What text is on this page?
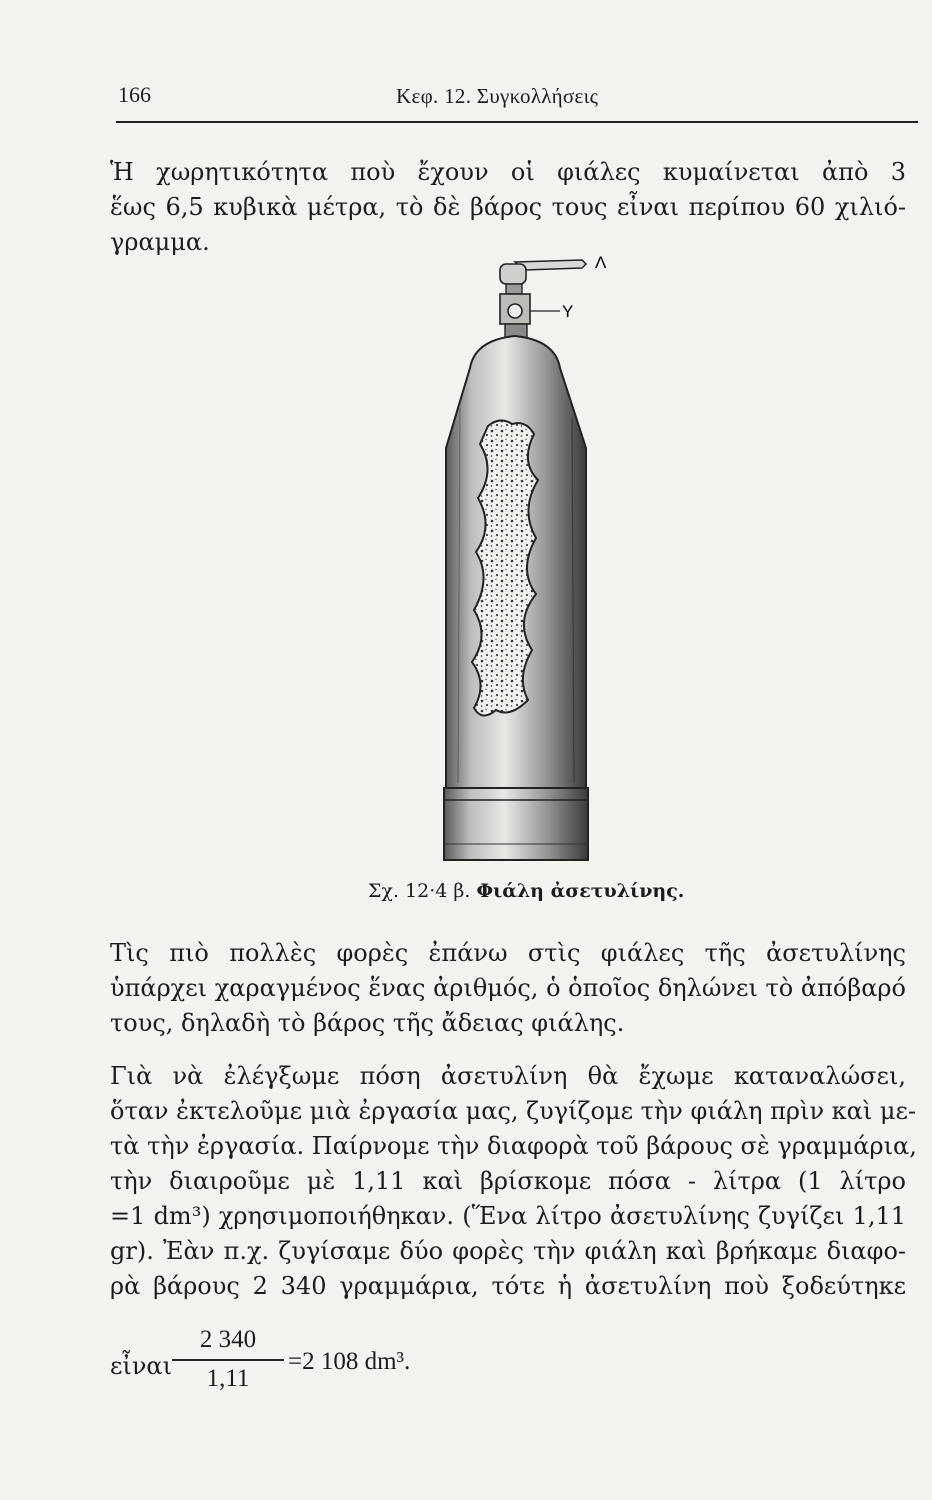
166	Κεφ. 12. Συγκολλήσεις

Ἡ χωρητικότητα ποὺ ἔχουν οἱ φιάλες κυμαίνεται ἀπὸ 3
ἕως 6,5 κυβικὰ μέτρα, τὸ δὲ βάρος τους εἶναι περίπου 60 χιλιό-
γραμμα.

Λ
Υ
Σχ. 12·4 β. Φιάλη ἀσετυλίνης.

Τὶς πιὸ πολλὲς φορὲς ἐπάνω στὶς φιάλες τῆς ἀσετυλίνης
ὑπάρχει χαραγμένος ἕνας ἀριθμός, ὁ ὁποῖος δηλώνει τὸ ἀπόβαρό
τους, δηλαδὴ τὸ βάρος τῆς ἄδειας φιάλης.

Γιὰ νὰ ἐλέγξωμε πόση ἀσετυλίνη θὰ ἔχωμε καταναλώσει,
ὅταν ἐκτελοῦμε μιὰ ἐργασία μας, ζυγίζομε τὴν φιάλη πρὶν καὶ με-
τὰ τὴν ἐργασία. Παίρνομε τὴν διαφορὰ τοῦ βάρους σὲ γραμμάρια,
τὴν διαιροῦμε μὲ 1,11 καὶ βρίσκομε πόσα - λίτρα (1 λίτρο
=1 dm³) χρησιμοποιήθηκαν. (Ἕνα λίτρο ἀσετυλίνης ζυγίζει 1,11
gr). Ἐὰν π.χ. ζυγίσαμε δύο φορὲς τὴν φιάλη καὶ βρήκαμε διαφο-
ρὰ βάρους 2 340 γραμμάρια, τότε ἡ ἀσετυλίνη ποὺ ξοδεύτηκε

εἶναι
2 340
1,11
=2 108 dm³.
